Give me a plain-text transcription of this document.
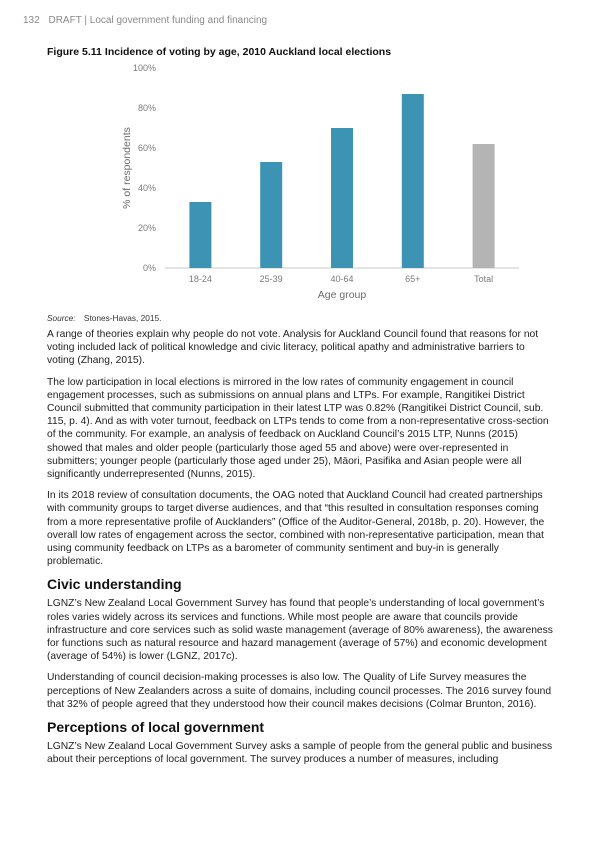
132 DRAFT | Local government funding and financing
Figure 5.11 Incidence of voting by age, 2010 Auckland local elections
0%
20%
40%
60%
80%
100%
18-24	25-39	40-64	65+	Total
Age group
% of respondents
Source: Stones-Havas, 2015.

A range of theories explain why people do not vote. Analysis for Auckland Council found that reasons for not voting included lack of political knowledge and civic literacy, political apathy and administrative barriers to voting (Zhang, 2015).

The low participation in local elections is mirrored in the low rates of community engagement in council engagement processes, such as submissions on annual plans and LTPs. For example, Rangitikei District Council submitted that community participation in their latest LTP was 0.82% (Rangitikei District Council, sub. 115, p. 4). And as with voter turnout, feedback on LTPs tends to come from a non-representative cross-section of the community. For example, an analysis of feedback on Auckland Council’s 2015 LTP, Nunns (2015) showed that males and older people (particularly those aged 55 and above) were over-represented in submitters; younger people (particularly those aged under 25), Māori, Pasifika and Asian people were all significantly underrepresented (Nunns, 2015).

In its 2018 review of consultation documents, the OAG noted that Auckland Council had created partnerships with community groups to target diverse audiences, and that “this resulted in consultation responses coming from a more representative profile of Aucklanders” (Office of the Auditor-General, 2018b, p. 20). However, the overall low rates of engagement across the sector, combined with non-representative participation, mean that using community feedback on LTPs as a barometer of community sentiment and buy-in is generally problematic.

Civic understanding

LGNZ’s New Zealand Local Government Survey has found that people’s understanding of local government’s roles varies widely across its services and functions. While most people are aware that councils provide infrastructure and core services such as solid waste management (average of 80% awareness), the awareness for functions such as natural resource and hazard management (average of 57%) and economic development (average of 54%) is lower (LGNZ, 2017c).

Understanding of council decision-making processes is also low. The Quality of Life Survey measures the perceptions of New Zealanders across a suite of domains, including council processes. The 2016 survey found that 32% of people agreed that they understood how their council makes decisions (Colmar Brunton, 2016).

Perceptions of local government

LGNZ’s New Zealand Local Government Survey asks a sample of people from the general public and business about their perceptions of local government. The survey produces a number of measures, including
